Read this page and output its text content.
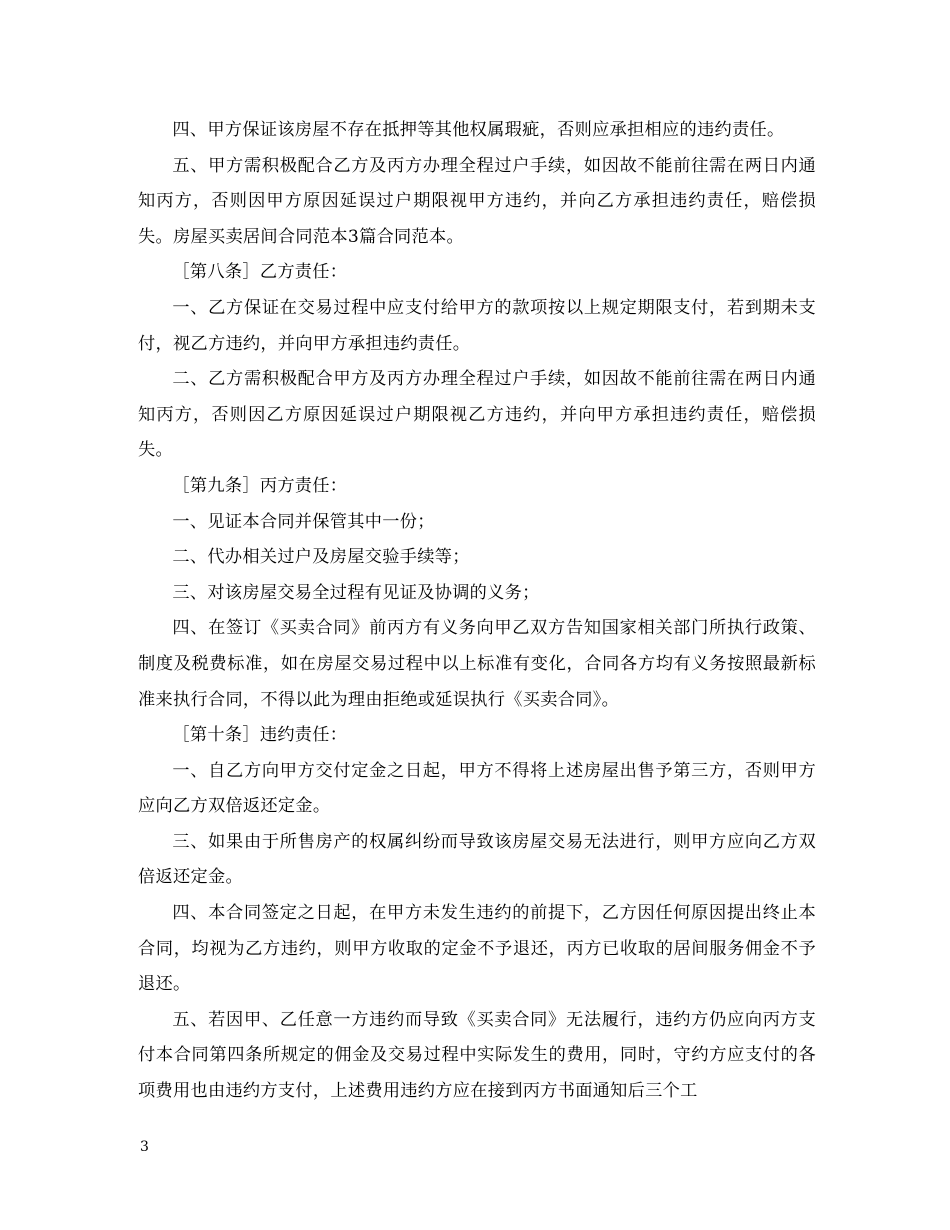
四、甲方保证该房屋不存在抵押等其他权属瑕疵，否则应承担相应的违约责任。

五、甲方需积极配合乙方及丙方办理全程过户手续，如因故不能前往需在两日内通知丙方，否则因甲方原因延误过户期限视甲方违约，并向乙方承担违约责任，赔偿损失。房屋买卖居间合同范本3篇合同范本。

［第八条］乙方责任：

一、乙方保证在交易过程中应支付给甲方的款项按以上规定期限支付，若到期未支付，视乙方违约，并向甲方承担违约责任。

二、乙方需积极配合甲方及丙方办理全程过户手续，如因故不能前往需在两日内通知丙方，否则因乙方原因延误过户期限视乙方违约，并向甲方承担违约责任，赔偿损失。

［第九条］丙方责任：

一、见证本合同并保管其中一份；

二、代办相关过户及房屋交验手续等；

三、对该房屋交易全过程有见证及协调的义务；

四、在签订《买卖合同》前丙方有义务向甲乙双方告知国家相关部门所执行政策、制度及税费标准，如在房屋交易过程中以上标准有变化，合同各方均有义务按照最新标准来执行合同，不得以此为理由拒绝或延误执行《买卖合同》。

［第十条］违约责任：

一、自乙方向甲方交付定金之日起，甲方不得将上述房屋出售予第三方，否则甲方应向乙方双倍返还定金。

三、如果由于所售房产的权属纠纷而导致该房屋交易无法进行，则甲方应向乙方双倍返还定金。

四、本合同签定之日起，在甲方未发生违约的前提下，乙方因任何原因提出终止本合同，均视为乙方违约，则甲方收取的定金不予退还，丙方已收取的居间服务佣金不予退还。

五、若因甲、乙任意一方违约而导致《买卖合同》无法履行，违约方仍应向丙方支付本合同第四条所规定的佣金及交易过程中实际发生的费用，同时，守约方应支付的各项费用也由违约方支付，上述费用违约方应在接到丙方书面通知后三个工

3
